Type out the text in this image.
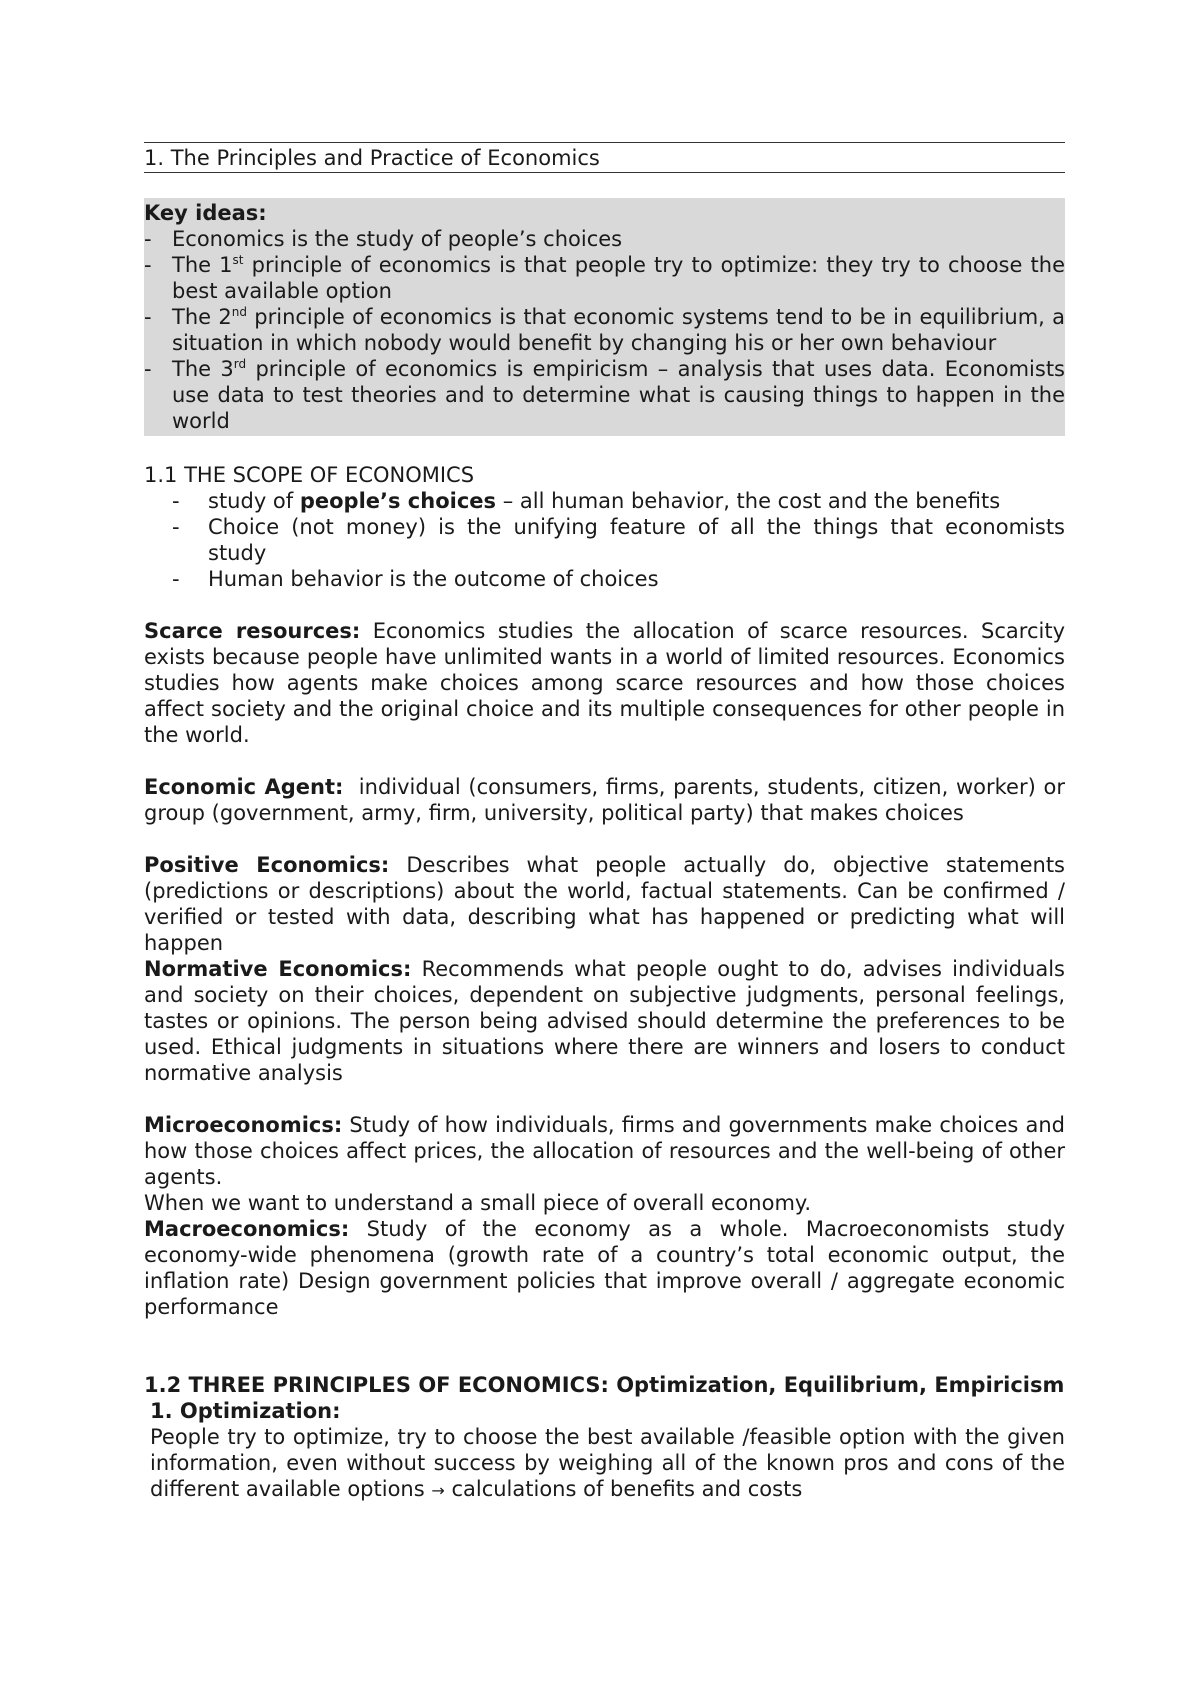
1. The Principles and Practice of Economics
Key ideas:
- Economics is the study of people’s choices
- The 1st principle of economics is that people try to optimize: they try to choose the best available option
- The 2nd principle of economics is that economic systems tend to be in equilibrium, a situation in which nobody would benefit by changing his or her own behaviour
- The 3rd principle of economics is empiricism – analysis that uses data. Economists use data to test theories and to determine what is causing things to happen in the world
1.1 THE SCOPE OF ECONOMICS
-	study of people’s choices – all human behavior, the cost and the benefits
-	Choice (not money) is the unifying feature of all the things that economists study
-	Human behavior is the outcome of choices
Scarce resources: Economics studies the allocation of scarce resources. Scarcity exists because people have unlimited wants in a world of limited resources. Economics studies how agents make choices among scarce resources and how those choices affect society and the original choice and its multiple consequences for other people in the world.
Economic Agent:  individual (consumers, firms, parents, students, citizen, worker) or group (government, army, firm, university, political party) that makes choices
Positive Economics: Describes what people actually do, objective statements (predictions or descriptions) about the world, factual statements. Can be confirmed / verified or tested with data, describing what has happened or predicting what will happen
Normative Economics: Recommends what people ought to do, advises individuals and society on their choices, dependent on subjective judgments, personal feelings, tastes or opinions. The person being advised should determine the preferences to be used. Ethical judgments in situations where there are winners and losers to conduct normative analysis
Microeconomics: Study of how individuals, firms and governments make choices and how those choices affect prices, the allocation of resources and the well-being of other agents.
When we want to understand a small piece of overall economy.
Macroeconomics: Study of the economy as a whole. Macroeconomists study economy-wide phenomena (growth rate of a country’s total economic output, the inflation rate) Design government policies that improve overall / aggregate economic performance
1.2 THREE PRINCIPLES OF ECONOMICS: Optimization, Equilibrium, Empiricism
1. Optimization:
People try to optimize, try to choose the best available /feasible option with the given information, even without success by weighing all of the known pros and cons of the different available options → calculations of benefits and costs
